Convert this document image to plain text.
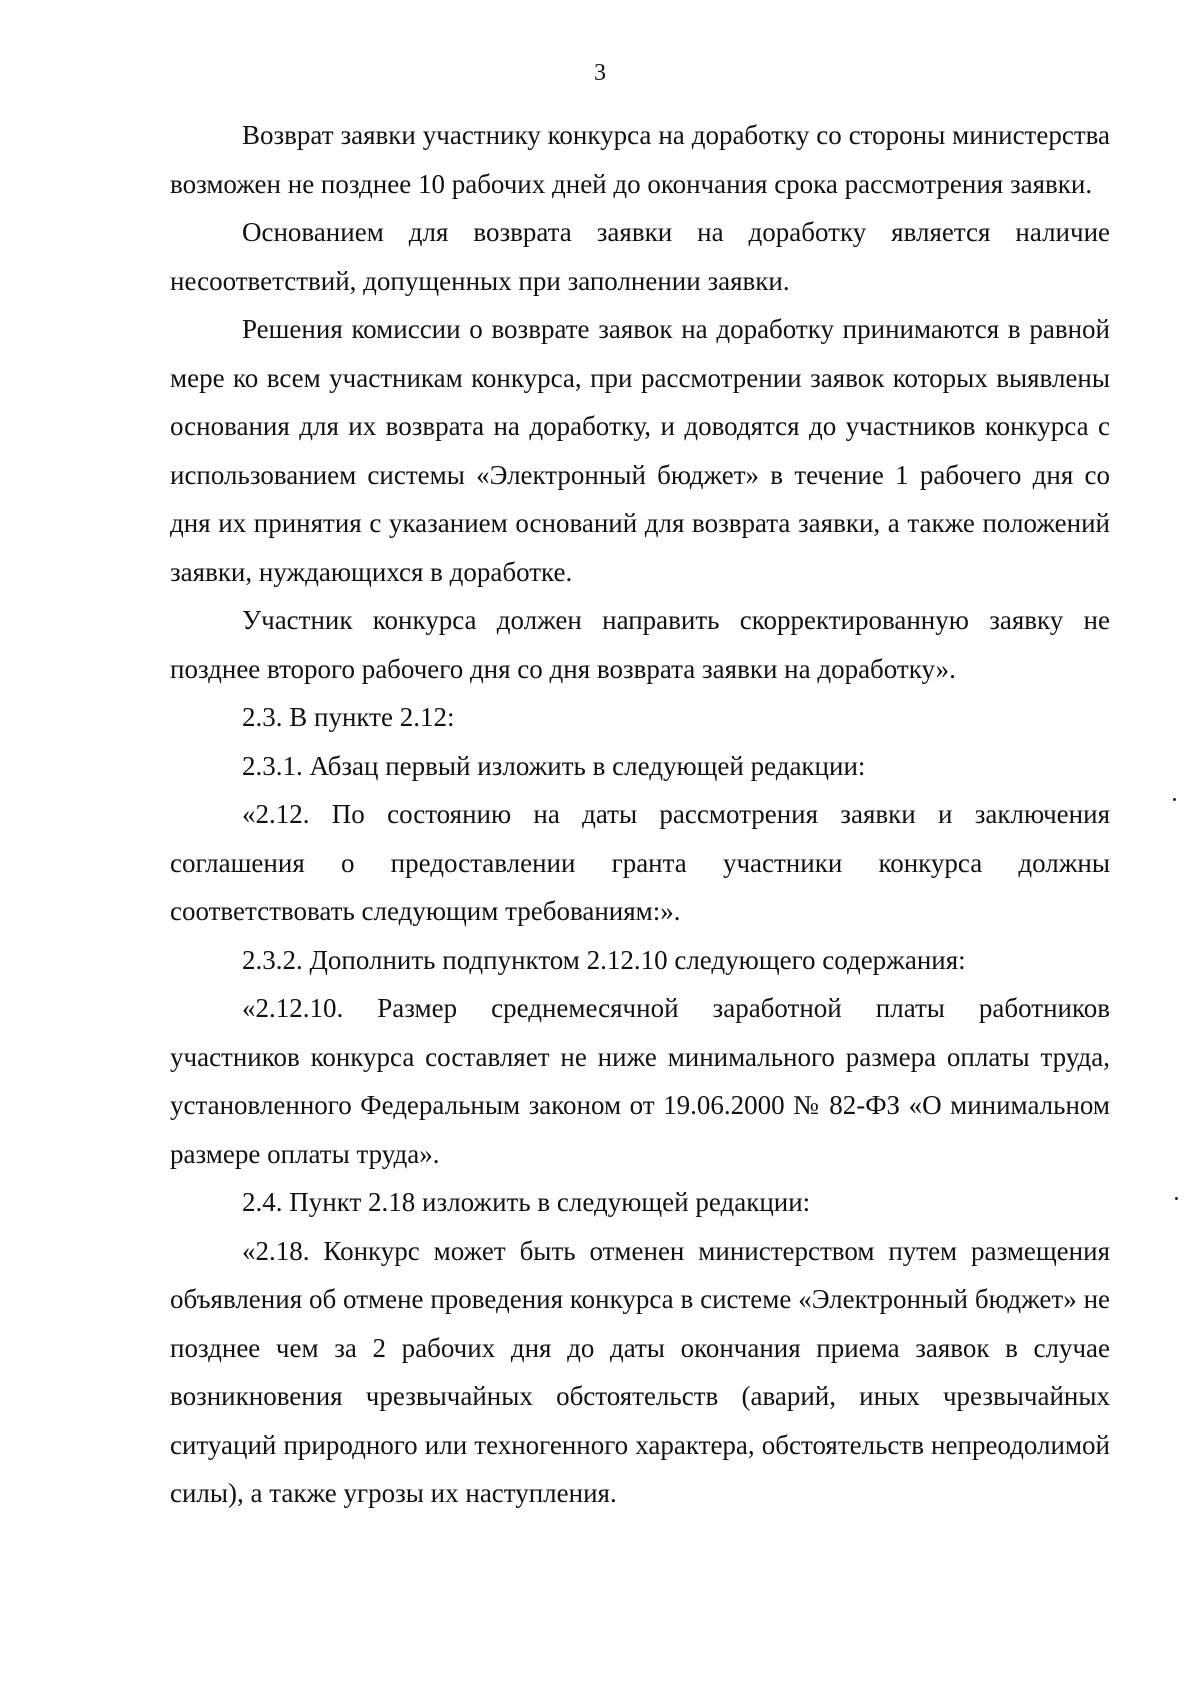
3

Возврат заявки участнику конкурса на доработку со стороны министерства возможен не позднее 10 рабочих дней до окончания срока рассмотрения заявки.

Основанием для возврата заявки на доработку является наличие несоответствий, допущенных при заполнении заявки.

Решения комиссии о возврате заявок на доработку принимаются в равной мере ко всем участникам конкурса, при рассмотрении заявок которых выявлены основания для их возврата на доработку, и доводятся до участников конкурса с использованием системы «Электронный бюджет» в течение 1 рабочего дня со дня их принятия с указанием оснований для возврата заявки, а также положений заявки, нуждающихся в доработке.

Участник конкурса должен направить скорректированную заявку не позднее второго рабочего дня со дня возврата заявки на доработку».

2.3. В пункте 2.12:

2.3.1. Абзац первый изложить в следующей редакции:

«2.12. По состоянию на даты рассмотрения заявки и заключения соглашения о предоставлении гранта участники конкурса должны соответствовать следующим требованиям:».

2.3.2. Дополнить подпунктом 2.12.10 следующего содержания:

«2.12.10. Размер среднемесячной заработной платы работников участников конкурса составляет не ниже минимального размера оплаты труда, установленного Федеральным законом от 19.06.2000 № 82-ФЗ «О минимальном размере оплаты труда».

2.4. Пункт 2.18 изложить в следующей редакции:

«2.18. Конкурс может быть отменен министерством путем размещения объявления об отмене проведения конкурса в системе «Электронный бюджет» не позднее чем за 2 рабочих дня до даты окончания приема заявок в случае возникновения чрезвычайных обстоятельств (аварий, иных чрезвычайных ситуаций природного или техногенного характера, обстоятельств непреодолимой силы), а также угрозы их наступления.
